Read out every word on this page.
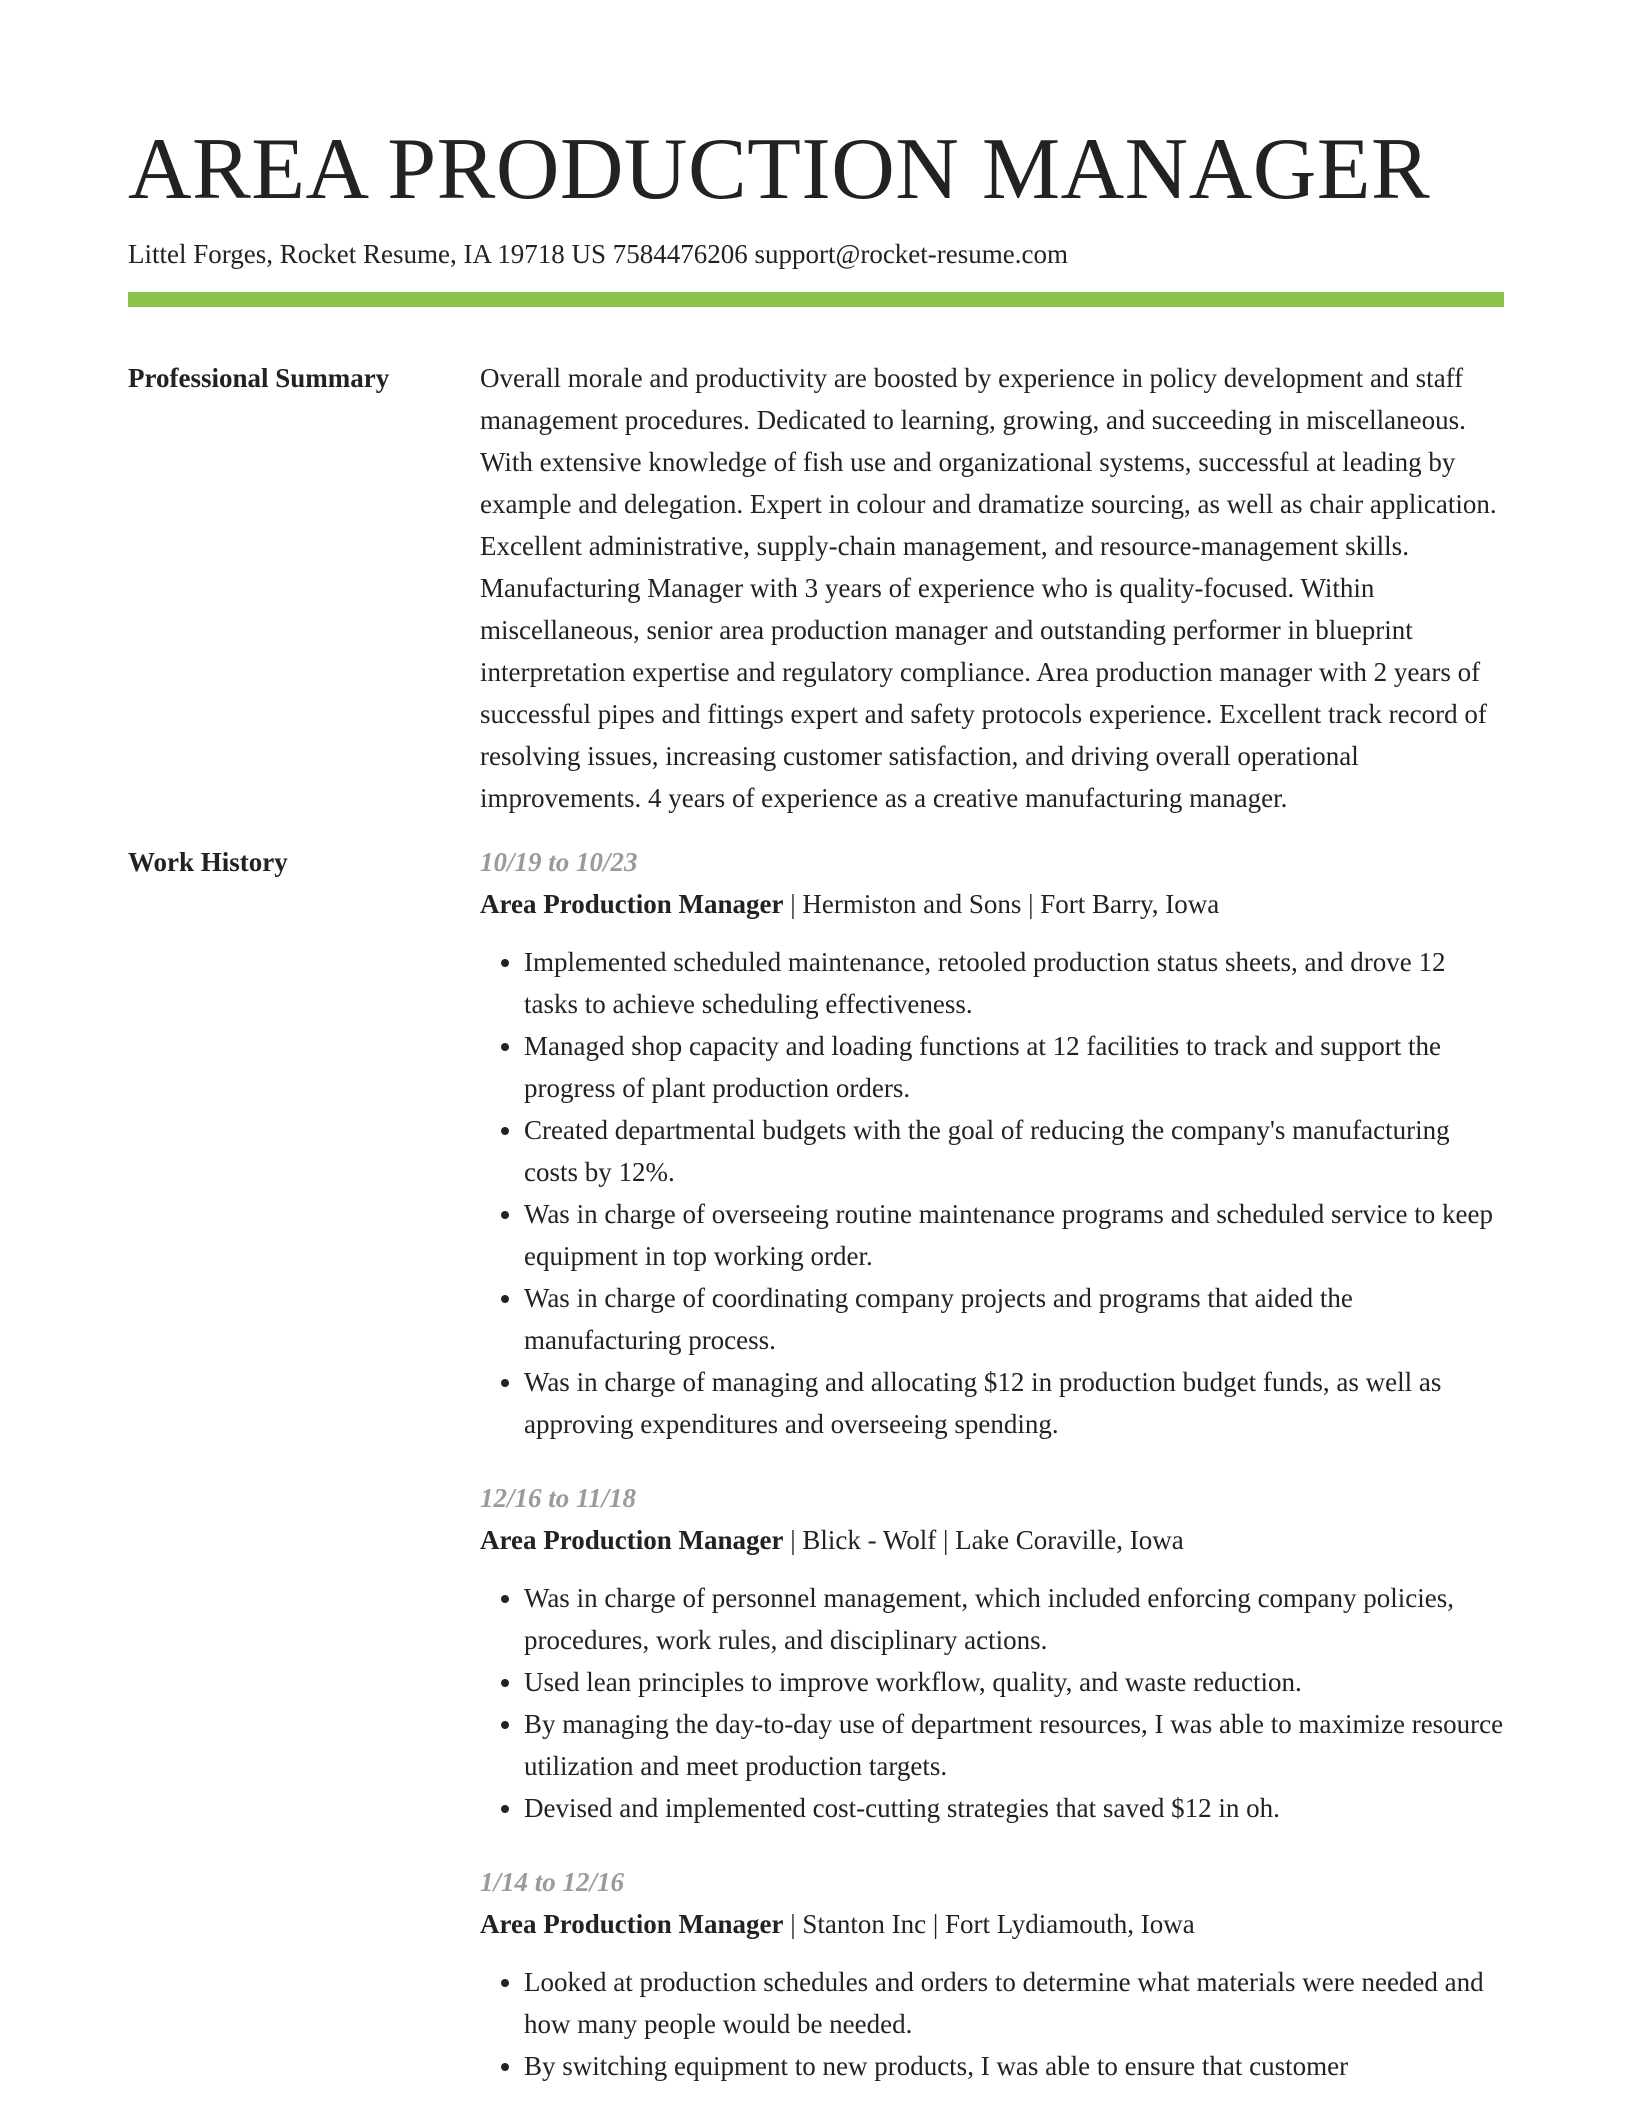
AREA PRODUCTION MANAGER
Littel Forges, Rocket Resume, IA 19718 US 7584476206 support@rocket-resume.com
Professional Summary	Overall morale and productivity are boosted by experience in policy development and staff management procedures. Dedicated to learning, growing, and succeeding in miscellaneous. With extensive knowledge of fish use and organizational systems, successful at leading by example and delegation. Expert in colour and dramatize sourcing, as well as chair application. Excellent administrative, supply-chain management, and resource-management skills. Manufacturing Manager with 3 years of experience who is quality-focused. Within miscellaneous, senior area production manager and outstanding performer in blueprint interpretation expertise and regulatory compliance. Area production manager with 2 years of successful pipes and fittings expert and safety protocols experience. Excellent track record of resolving issues, increasing customer satisfaction, and driving overall operational improvements. 4 years of experience as a creative manufacturing manager.
Work History	10/19 to 10/23
Area Production Manager | Hermiston and Sons | Fort Barry, Iowa
• Implemented scheduled maintenance, retooled production status sheets, and drove 12 tasks to achieve scheduling effectiveness.
• Managed shop capacity and loading functions at 12 facilities to track and support the progress of plant production orders.
• Created departmental budgets with the goal of reducing the company's manufacturing costs by 12%.
• Was in charge of overseeing routine maintenance programs and scheduled service to keep equipment in top working order.
• Was in charge of coordinating company projects and programs that aided the manufacturing process.
• Was in charge of managing and allocating $12 in production budget funds, as well as approving expenditures and overseeing spending.
12/16 to 11/18
Area Production Manager | Blick - Wolf | Lake Coraville, Iowa
• Was in charge of personnel management, which included enforcing company policies, procedures, work rules, and disciplinary actions.
• Used lean principles to improve workflow, quality, and waste reduction.
• By managing the day-to-day use of department resources, I was able to maximize resource utilization and meet production targets.
• Devised and implemented cost-cutting strategies that saved $12 in oh.
1/14 to 12/16
Area Production Manager | Stanton Inc | Fort Lydiamouth, Iowa
• Looked at production schedules and orders to determine what materials were needed and how many people would be needed.
• By switching equipment to new products, I was able to ensure that customer
